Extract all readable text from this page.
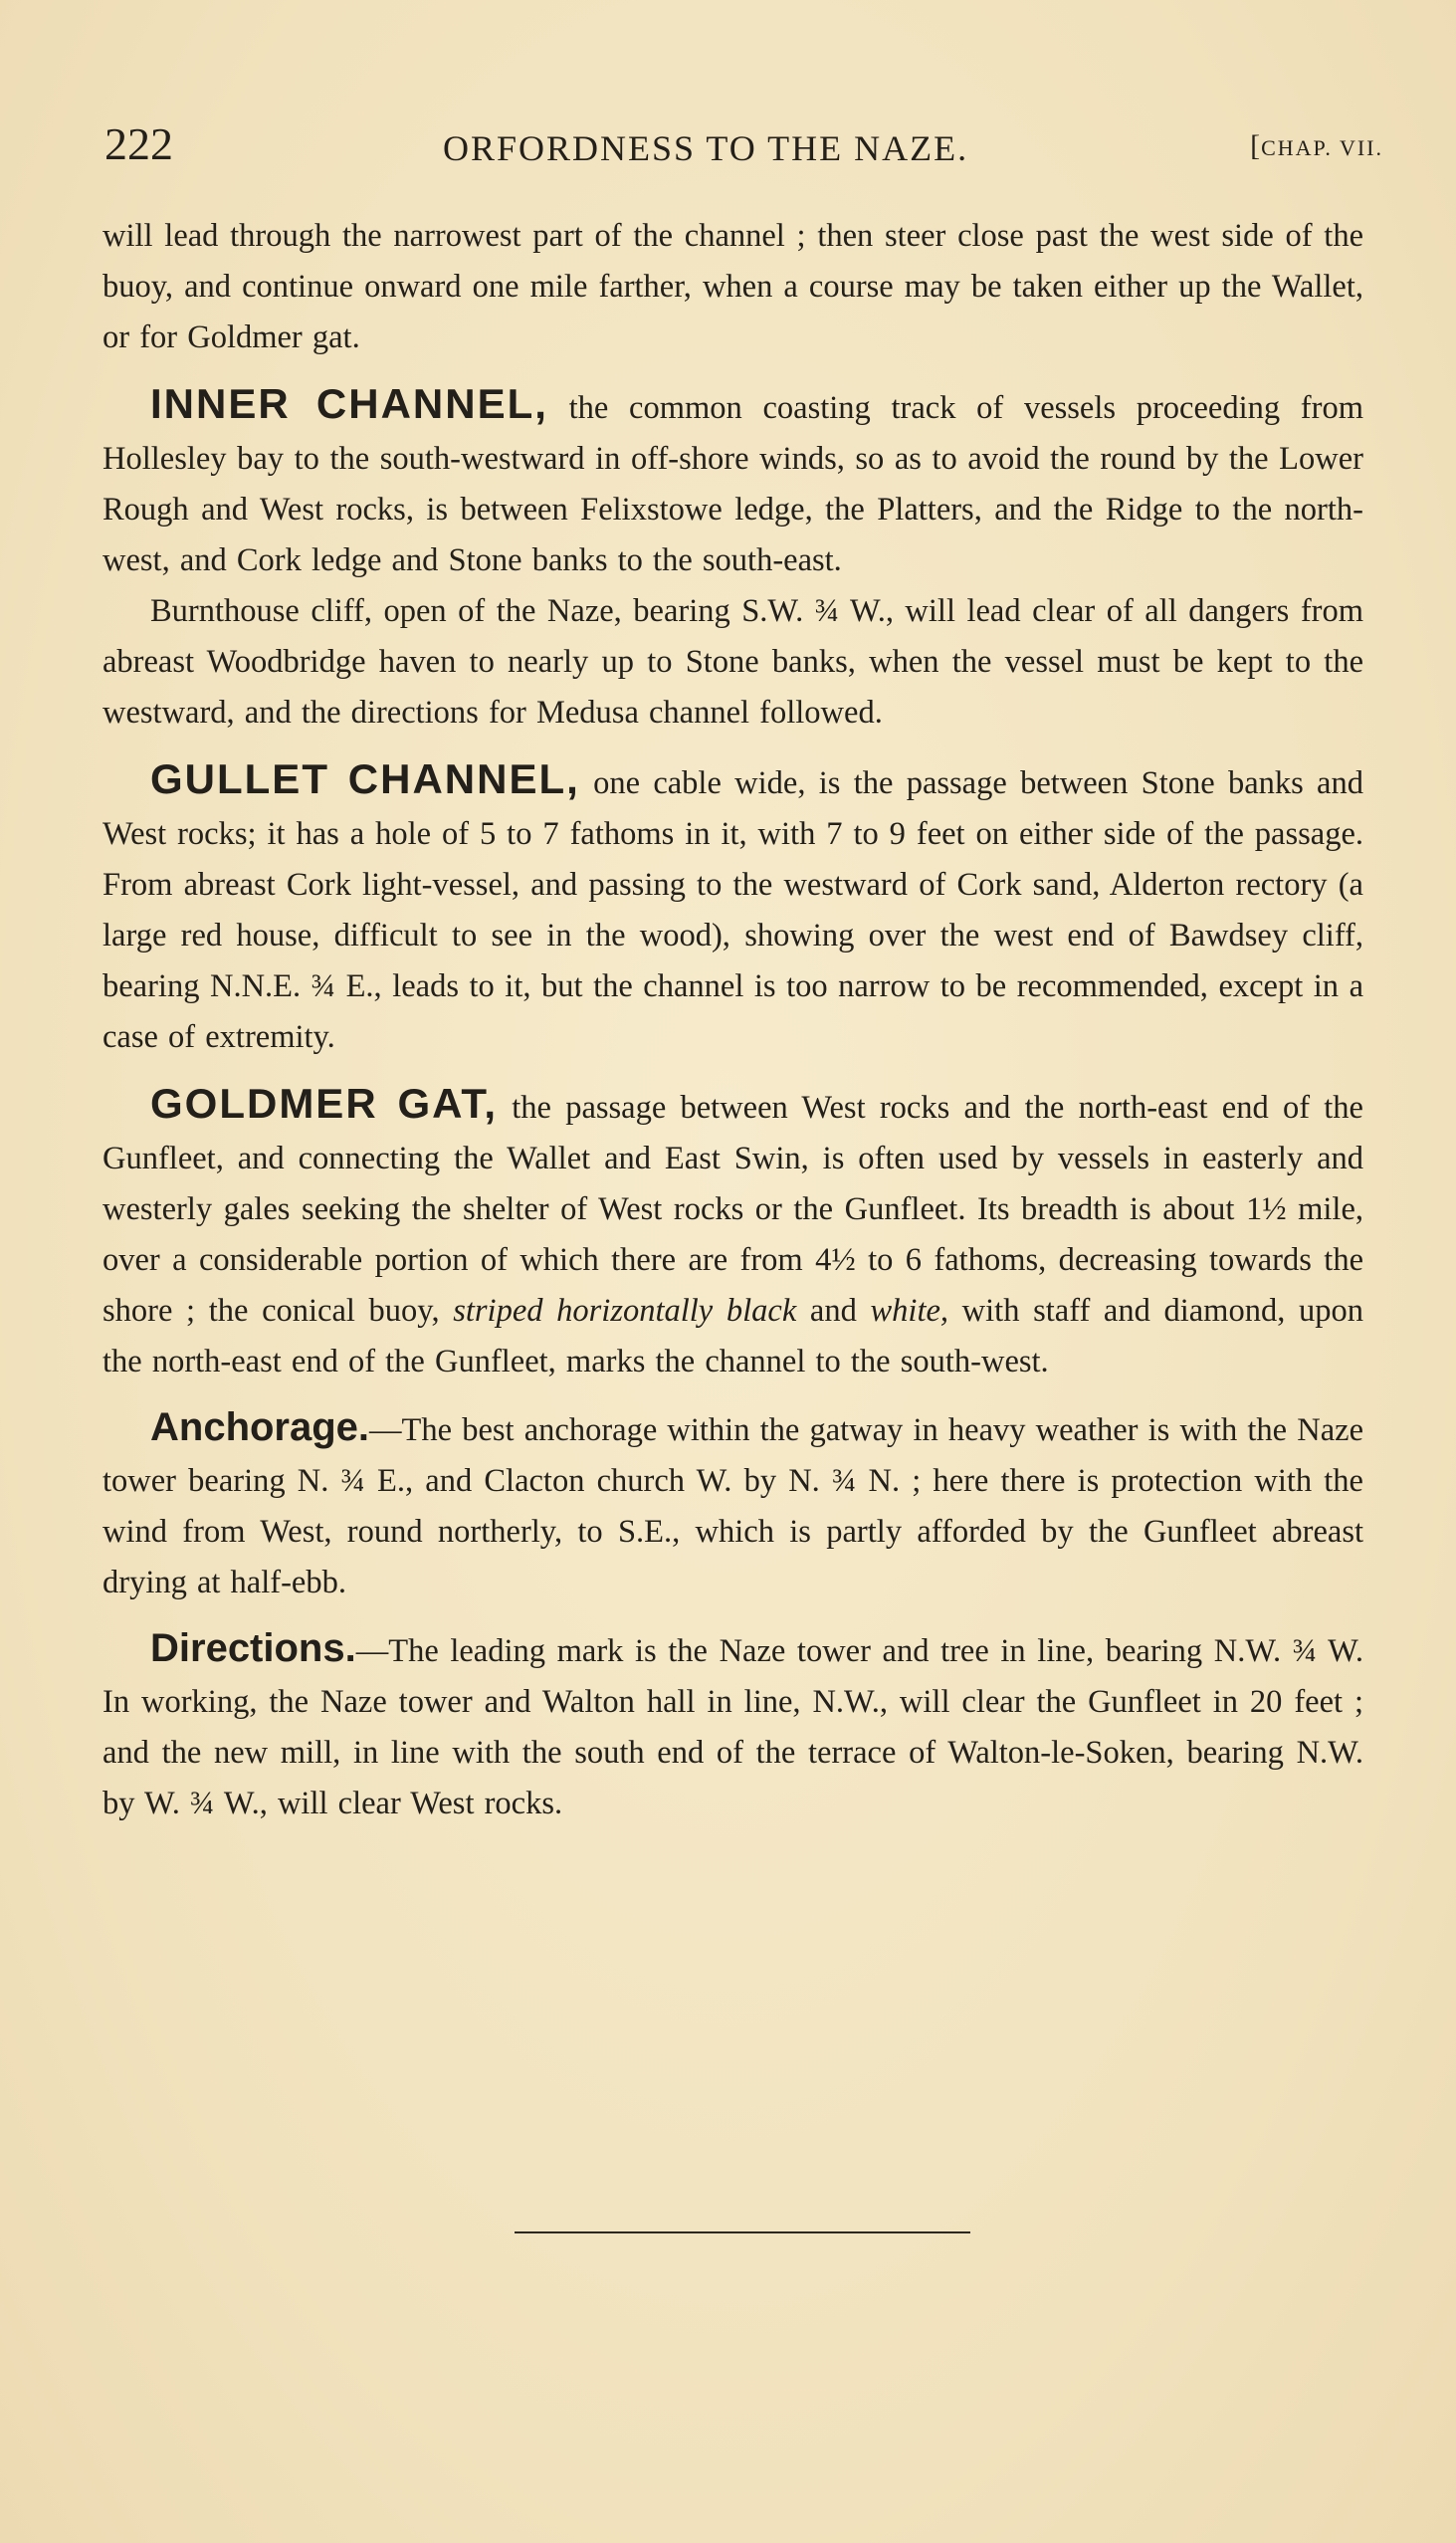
222	ORFORDNESS TO THE NAZE.	[CHAP. VII.

will lead through the narrowest part of the channel ; then steer close past the west side of the buoy, and continue onward one mile farther, when a course may be taken either up the Wallet, or for Goldmer gat.

INNER CHANNEL, the common coasting track of vessels proceeding from Hollesley bay to the south-westward in off-shore winds, so as to avoid the round by the Lower Rough and West rocks, is between Felixstowe ledge, the Platters, and the Ridge to the north-west, and Cork ledge and Stone banks to the south-east.

Burnthouse cliff, open of the Naze, bearing S.W. ¾ W., will lead clear of all dangers from abreast Woodbridge haven to nearly up to Stone banks, when the vessel must be kept to the westward, and the directions for Medusa channel followed.

GULLET CHANNEL, one cable wide, is the passage between Stone banks and West rocks; it has a hole of 5 to 7 fathoms in it, with 7 to 9 feet on either side of the passage. From abreast Cork light-vessel, and passing to the westward of Cork sand, Alderton rectory (a large red house, difficult to see in the wood), showing over the west end of Bawdsey cliff, bearing N.N.E. ¾ E., leads to it, but the channel is too narrow to be recommended, except in a case of extremity.

GOLDMER GAT, the passage between West rocks and the north-east end of the Gunfleet, and connecting the Wallet and East Swin, is often used by vessels in easterly and westerly gales seeking the shelter of West rocks or the Gunfleet. Its breadth is about 1½ mile, over a considerable portion of which there are from 4½ to 6 fathoms, decreasing towards the shore ; the conical buoy, striped horizontally black and white, with staff and diamond, upon the north-east end of the Gunfleet, marks the channel to the south-west.

Anchorage.—The best anchorage within the gatway in heavy weather is with the Naze tower bearing N. ¾ E., and Clacton church W. by N. ¾ N. ; here there is protection with the wind from West, round northerly, to S.E., which is partly afforded by the Gunfleet abreast drying at half-ebb.

Directions.—The leading mark is the Naze tower and tree in line, bearing N.W. ¾ W. In working, the Naze tower and Walton hall in line, N.W., will clear the Gunfleet in 20 feet ; and the new mill, in line with the south end of the terrace of Walton-le-Soken, bearing N.W. by W. ¾ W., will clear West rocks.
